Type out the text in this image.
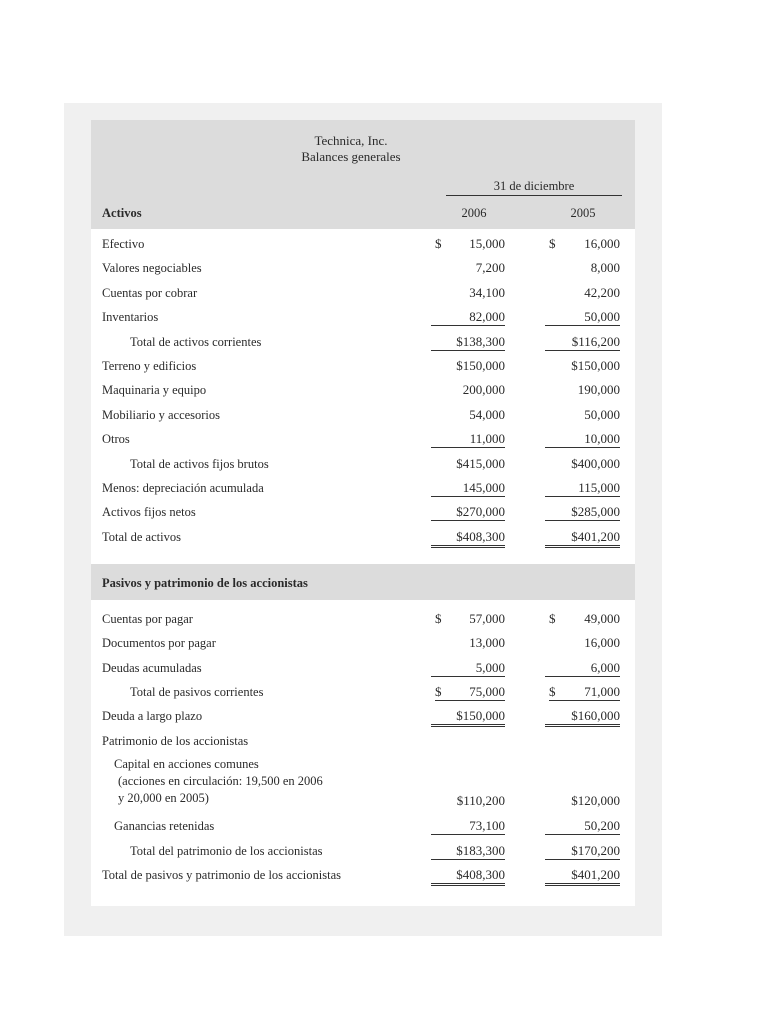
Technica, Inc.
Balances generales
31 de diciembre
2006	2005
Activos
Pasivos y patrimonio de los accionistas
Efectivo	$ 15,000	$ 16,000
Valores negociables	7,200	8,000
Cuentas por cobrar	34,100	42,200
Inventarios	82,000	50,000
Total de activos corrientes	$138,300	$116,200
Terreno y edificios	$150,000	$150,000
Maquinaria y equipo	200,000	190,000
Mobiliario y accesorios	54,000	50,000
Otros	11,000	10,000
Total de activos fijos brutos	$415,000	$400,000
Menos: depreciación acumulada	145,000	115,000
Activos fijos netos	$270,000	$285,000
Total de activos	$408,300	$401,200
Cuentas por pagar	$ 57,000	$ 49,000
Documentos por pagar	13,000	16,000
Deudas acumuladas	5,000	6,000
Total de pasivos corrientes	$ 75,000	$ 71,000
Deuda a largo plazo	$150,000	$160,000
Patrimonio de los accionistas
Capital en acciones comunes
(acciones en circulación: 19,500 en 2006
y 20,000 en 2005)	$110,200	$120,000
Ganancias retenidas	73,100	50,200
Total del patrimonio de los accionistas	$183,300	$170,200
Total de pasivos y patrimonio de los accionistas	$408,300	$401,200
